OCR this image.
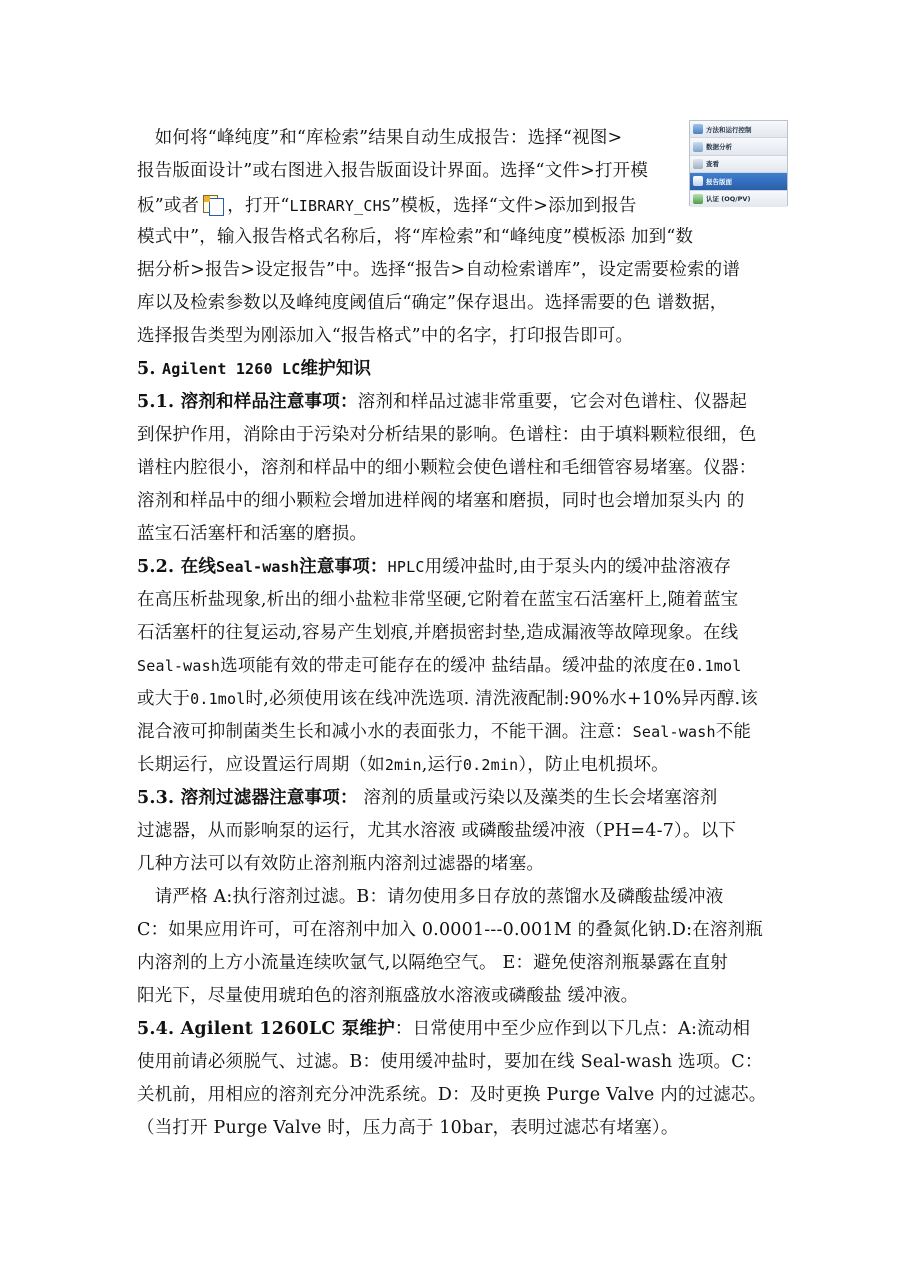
　如何将“峰纯度”和“库检索”结果自动生成报告：选择“视图>
报告版面设计”或右图进入报告版面设计界面。选择“文件>打开模
板”或者 ，打开“LIBRARY_CHS”模板，选择“文件>添加到报告
模式中”，输入报告格式名称后，将“库检索”和“峰纯度”模板添 加到“数
据分析>报告>设定报告”中。选择“报告>自动检索谱库”，设定需要检索的谱
库以及检索参数以及峰纯度阈值后“确定”保存退出。选择需要的色 谱数据，
选择报告类型为刚添加入“报告格式”中的名字，打印报告即可。
5. Agilent 1260 LC维护知识
5.1. 溶剂和样品注意事项：溶剂和样品过滤非常重要，它会对色谱柱、仪器起
到保护作用，消除由于污染对分析结果的影响。色谱柱：由于填料颗粒很细，色
谱柱内腔很小，溶剂和样品中的细小颗粒会使色谱柱和毛细管容易堵塞。仪器：
溶剂和样品中的细小颗粒会增加进样阀的堵塞和磨损，同时也会增加泵头内 的
蓝宝石活塞杆和活塞的磨损。
5.2. 在线Seal-wash注意事项：HPLC用缓冲盐时,由于泵头内的缓冲盐溶液存
在高压析盐现象,析出的细小盐粒非常坚硬,它附着在蓝宝石活塞杆上,随着蓝宝
石活塞杆的往复运动,容易产生划痕,并磨损密封垫,造成漏液等故障现象。在线
Seal-wash选项能有效的带走可能存在的缓冲 盐结晶。缓冲盐的浓度在0.1mol
或大于0.1mol时,必须使用该在线冲洗选项. 清洗液配制:90%水+10%异丙醇.该
混合液可抑制菌类生长和减小水的表面张力，不能干涸。注意：Seal-wash不能
长期运行，应设置运行周期（如2min,运行0.2min），防止电机损坏。
5.3. 溶剂过滤器注意事项： 溶剂的质量或污染以及藻类的生长会堵塞溶剂
过滤器，从而影响泵的运行，尤其水溶液 或磷酸盐缓冲液（PH=4-7）。以下
几种方法可以有效防止溶剂瓶内溶剂过滤器的堵塞。
　请严格 A:执行溶剂过滤。B：请勿使用多日存放的蒸馏水及磷酸盐缓冲液
C：如果应用许可，可在溶剂中加入 0.0001---0.001M 的叠氮化钠.D:在溶剂瓶
内溶剂的上方小流量连续吹氩气,以隔绝空气。 E：避免使溶剂瓶暴露在直射
阳光下，尽量使用琥珀色的溶剂瓶盛放水溶液或磷酸盐 缓冲液。
5.4. Agilent 1260LC 泵维护：日常使用中至少应作到以下几点：A:流动相
使用前请必须脱气、过滤。B：使用缓冲盐时，要加在线 Seal-wash 选项。C：
关机前，用相应的溶剂充分冲洗系统。D：及时更换 Purge Valve 内的过滤芯。
（当打开 Purge Valve 时，压力高于 10bar，表明过滤芯有堵塞）。
方法和运行控制
数据分析
查看
报告版面
认证 (OQ/PV)
